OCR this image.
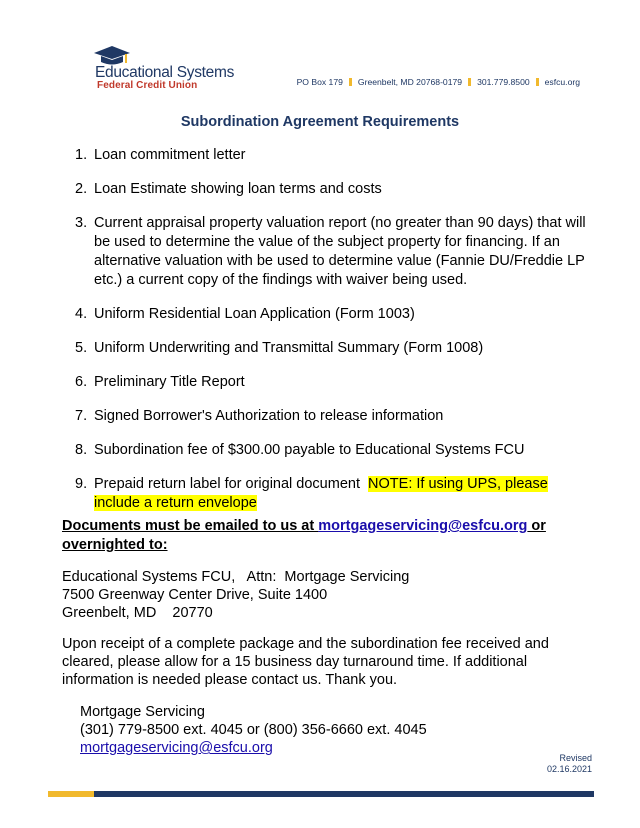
Educational Systems
Federal Credit Union	PO Box 179 Greenbelt, MD 20768-0179 301.779.8500 esfcu.org
Subordination Agreement Requirements
1. Loan commitment letter
2. Loan Estimate showing loan terms and costs
3. Current appraisal property valuation report (no greater than 90 days) that will be used to determine the value of the subject property for financing. If an alternative valuation with be used to determine value (Fannie DU/Freddie LP etc.) a current copy of the findings with waiver being used.
4. Uniform Residential Loan Application (Form 1003)
5. Uniform Underwriting and Transmittal Summary (Form 1008)
6. Preliminary Title Report
7. Signed Borrower's Authorization to release information
8. Subordination fee of $300.00 payable to Educational Systems FCU
9. Prepaid return label for original document NOTE: If using UPS, please include a return envelope
Documents must be emailed to us at mortgageservicing@esfcu.org or overnighted to:
Educational Systems FCU,   Attn:  Mortgage Servicing
7500 Greenway Center Drive, Suite 1400
Greenbelt, MD    20770
Upon receipt of a complete package and the subordination fee received and cleared, please allow for a 15 business day turnaround time. If additional information is needed please contact us. Thank you.
Mortgage Servicing
(301) 779-8500 ext. 4045 or (800) 356-6660 ext. 4045
mortgageservicing@esfcu.org
Revised
02.16.2021
